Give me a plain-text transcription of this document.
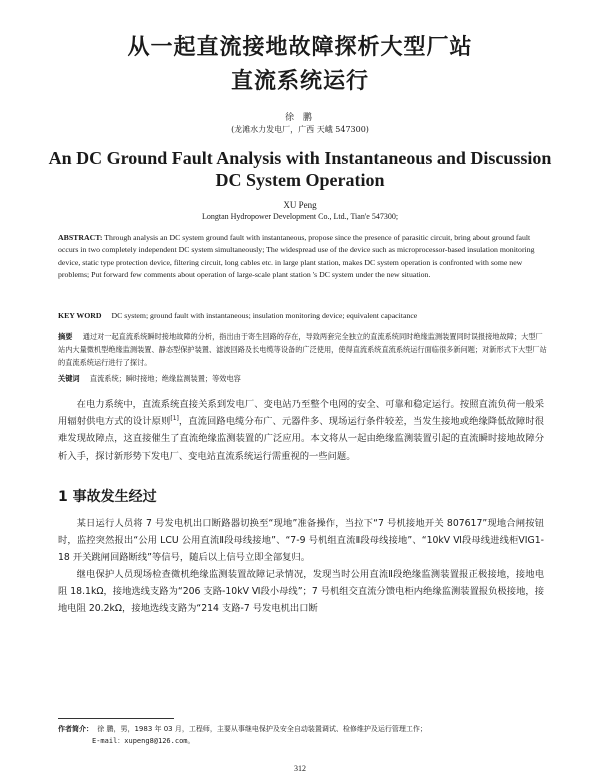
从一起直流接地故障探析大型厂站
直流系统运行
徐 鹏
(龙滩水力发电厂，广西 天峨 547300)
An DC Ground Fault Analysis with Instantaneous and Discussion
DC System Operation
XU Peng
Longtan Hydropower Development Co., Ltd., Tian'e 547300;
ABSTRACT: Through analysis an DC system ground fault with instantaneous, propose since the presence of parasitic circuit, bring about ground fault occurs in two completely independent DC system simultaneously; The widespread use of the device such as microprocessor-based insulation monitoring device, static type protection device, filtering circuit, long cables etc. in large plant station, makes DC system operation is confronted with some new problems; Put forward few comments about operation of large-scale plant station 's DC system under the new situation.
KEY WORD DC system; ground fault with instantaneous; insulation monitoring device; equivalent capacitance
摘要 通过对一起直流系统瞬时接地故障的分析，指出由于寄生回路的存在，导致两套完全独立的直流系统同时绝缘监测装置同时误报接地故障；大型厂站内大量微机型绝缘监测装置、静态型保护装置、滤波回路及长电缆等设备的广泛使用，使得直流系统直流系统运行面临很多新问题；对新形式下大型厂站的直流系统运行进行了探讨。
关键词 直流系统；瞬时接地；绝缘监测装置；等效电容
在电力系统中，直流系统直接关系到发电厂、变电站乃至整个电网的安全、可靠和稳定运行。按照直流负荷一般采用辐射供电方式的设计原则[1]，直流回路电缆分布广、元器件多、现场运行条件较差，当发生接地或绝缘降低故障时很难发现故障点，这直接催生了直流绝缘监测装置的广泛应用。本文将从一起由绝缘监测装置引起的直流瞬时接地故障分析入手，探讨新形势下发电厂、变电站直流系统运行需重视的一些问题。
1 事故发生经过
某日运行人员将 7 号发电机出口断路器切换至“现地”准备操作，当拉下“7 号机接地开关 807617”现地合闸按钮时，监控突然报出“公用 LCU 公用直流Ⅱ段母线接地”、“7-9 号机组直流Ⅱ段母线接地”、“10kV Ⅵ段母线进线柜VIG1-18 开关跳闸回路断线”等信号，随后以上信号立即全部复归。
继电保护人员现场检查微机绝缘监测装置故障记录情况，发现当时公用直流Ⅱ段绝缘监测装置报正极接地，接地电阻 18.1kΩ，接地选线支路为“206 支路-10kV Ⅵ段小母线”；7 号机组交直流分馈电柜内绝缘监测装置报负极接地，接地电阻 20.2kΩ，接地选线支路为“214 支路-7 号发电机出口断
作者简介： 徐 鹏，男，1983 年 03 月，工程师，主要从事继电保护及安全自动装置调试、检修维护及运行管理工作；
E-mail：xupeng8@126.com。
312
